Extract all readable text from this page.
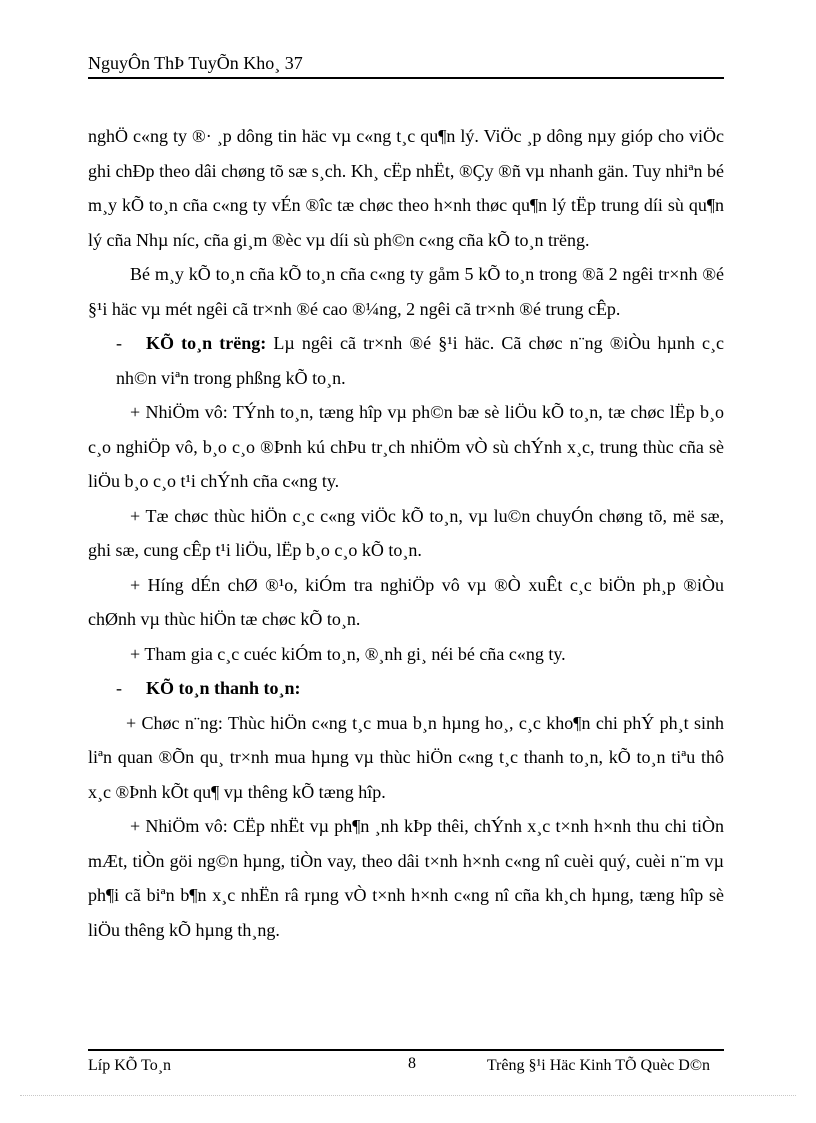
NguyÔn ThÞ TuyÕn Kho¸ 37

nghÖ c«ng ty ®· ¸p dông tin häc vµ c«ng t¸c qu¶n lý. ViÖc ¸p dông nµy gióp cho viÖc ghi chÐp theo dâi chøng tõ sæ s¸ch. Kh¸ cËp nhËt, ®Çy ®ñ vµ nhanh gän. Tuy nhiªn bé m¸y kÕ to¸n cña c«ng ty vÉn ®îc tæ chøc theo h×nh thøc qu¶n lý tËp trung díi sù qu¶n lý cña Nhµ níc, cña gi¸m ®èc vµ díi sù ph©n c«ng cña kÕ to¸n trëng.

Bé m¸y kÕ to¸n cña kÕ to¸n cña c«ng ty gåm 5 kÕ to¸n trong ®ã 2 ngêi tr×nh ®é §¹i häc vµ mét ngêi cã tr×nh ®é cao ®¼ng, 2 ngêi cã tr×nh ®é trung cÊp.

- KÕ to¸n trëng: Lµ ngêi cã tr×nh ®é §¹i häc. Cã chøc n¨ng ®iÒu hµnh c¸c nh©n viªn trong phßng kÕ to¸n.

+ NhiÖm vô: TÝnh to¸n, tæng hîp vµ ph©n bæ sè liÖu kÕ to¸n, tæ chøc lËp b¸o c¸o nghiÖp vô, b¸o c¸o ®Þnh kú chÞu tr¸ch nhiÖm vÒ sù chÝnh x¸c, trung thùc cña sè liÖu b¸o c¸o t¹i chÝnh cña c«ng ty.

+ Tæ chøc thùc hiÖn c¸c c«ng viÖc kÕ to¸n, vµ lu©n chuyÓn chøng tõ, më sæ, ghi sæ, cung cÊp t¹i liÖu, lËp b¸o c¸o kÕ to¸n.

+ Híng dÉn chØ ®¹o, kiÓm tra nghiÖp vô vµ ®Ò xuÊt c¸c biÖn ph¸p ®iÒu chØnh vµ thùc hiÖn tæ chøc kÕ to¸n.

+ Tham gia c¸c cuéc kiÓm to¸n, ®¸nh gi¸ néi bé cña c«ng ty.

- KÕ to¸n thanh to¸n:

+ Chøc n¨ng: Thùc hiÖn c«ng t¸c mua b¸n hµng ho¸, c¸c kho¶n chi phÝ ph¸t sinh liªn quan ®Õn qu¸ tr×nh mua hµng vµ thùc hiÖn c«ng t¸c thanh to¸n, kÕ to¸n tiªu thô x¸c ®Þnh kÕt qu¶ vµ thêng kÕ tæng hîp.

+ NhiÖm vô: CËp nhËt vµ ph¶n ¸nh kÞp thêi, chÝnh x¸c t×nh h×nh thu chi tiÒn mÆt, tiÒn göi ng©n hµng, tiÒn vay, theo dâi t×nh h×nh c«ng nî cuèi quý, cuèi n¨m vµ ph¶i cã biªn b¶n x¸c nhËn râ rµng vÒ t×nh h×nh c«ng nî cña kh¸ch hµng, tæng hîp sè liÖu thêng kÕ hµng th¸ng.

Líp KÕ To¸n	8	Trêng §¹i Häc Kinh TÕ Quèc D©n
